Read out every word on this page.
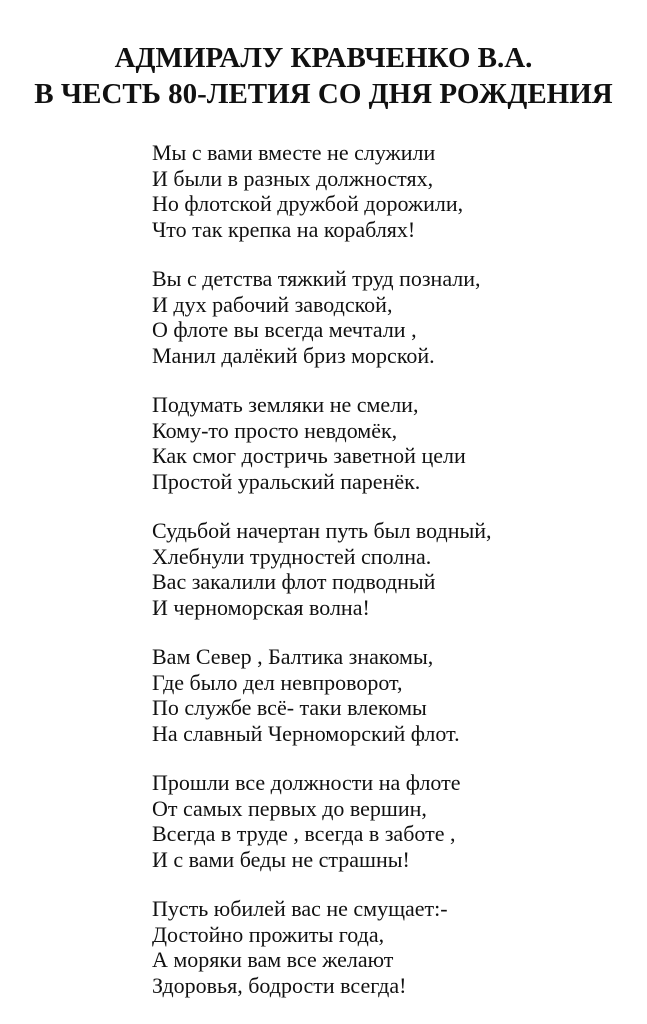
АДМИРАЛУ КРАВЧЕНКО В.А.
В ЧЕСТЬ 80-ЛЕТИЯ СО ДНЯ РОЖДЕНИЯ
Мы с вами вместе не служили
И были в разных должностях,
Но флотской дружбой дорожили,
Что так крепка на кораблях!
Вы с детства тяжкий труд познали,
И дух рабочий заводской,
О флоте вы всегда мечтали ,
Манил далёкий бриз морской.
Подумать земляки не смели,
Кому-то просто невдомёк,
Как смог достричь заветной цели
Простой уральский паренёк.
Судьбой начертан путь был водный,
Хлебнули трудностей сполна.
Вас закалили флот подводный
И черноморская волна!
Вам Север , Балтика знакомы,
Где было дел невпроворот,
По службе всё- таки влекомы
На славный Черноморский флот.
Прошли все должности на флоте
От самых первых до вершин,
Всегда в труде , всегда в заботе ,
И с вами беды не страшны!
Пусть юбилей вас не смущает:-
Достойно прожиты года,
А моряки вам все желают
Здоровья, бодрости всегда!
